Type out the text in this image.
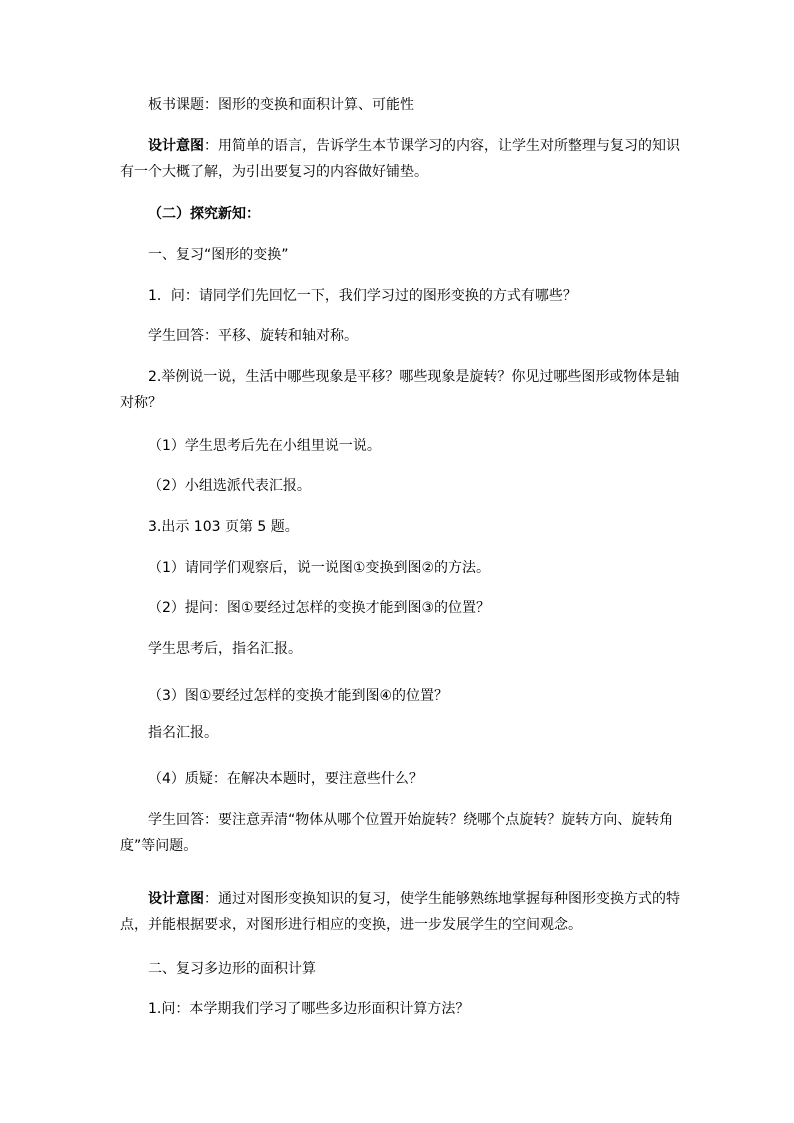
板书课题：图形的变换和面积计算、可能性
设计意图：用简单的语言，告诉学生本节课学习的内容，让学生对所整理与复习的知识有一个大概了解，为引出要复习的内容做好铺垫。
（二）探究新知：
一、复习“图形的变换”
1．问：请同学们先回忆一下，我们学习过的图形变换的方式有哪些？
学生回答：平移、旋转和轴对称。
2.举例说一说，生活中哪些现象是平移？哪些现象是旋转？你见过哪些图形或物体是轴对称？
（1）学生思考后先在小组里说一说。
（2）小组选派代表汇报。
3.出示 103 页第 5 题。
（1）请同学们观察后，说一说图①变换到图②的方法。
（2）提问：图①要经过怎样的变换才能到图③的位置？
学生思考后，指名汇报。
（3）图①要经过怎样的变换才能到图④的位置？
指名汇报。
（4）质疑：在解决本题时，要注意些什么？
学生回答：要注意弄清“物体从哪个位置开始旋转？绕哪个点旋转？旋转方向、旋转角度”等问题。
设计意图：通过对图形变换知识的复习，使学生能够熟练地掌握每种图形变换方式的特点，并能根据要求，对图形进行相应的变换，进一步发展学生的空间观念。
二、复习多边形的面积计算
1.问：本学期我们学习了哪些多边形面积计算方法？
